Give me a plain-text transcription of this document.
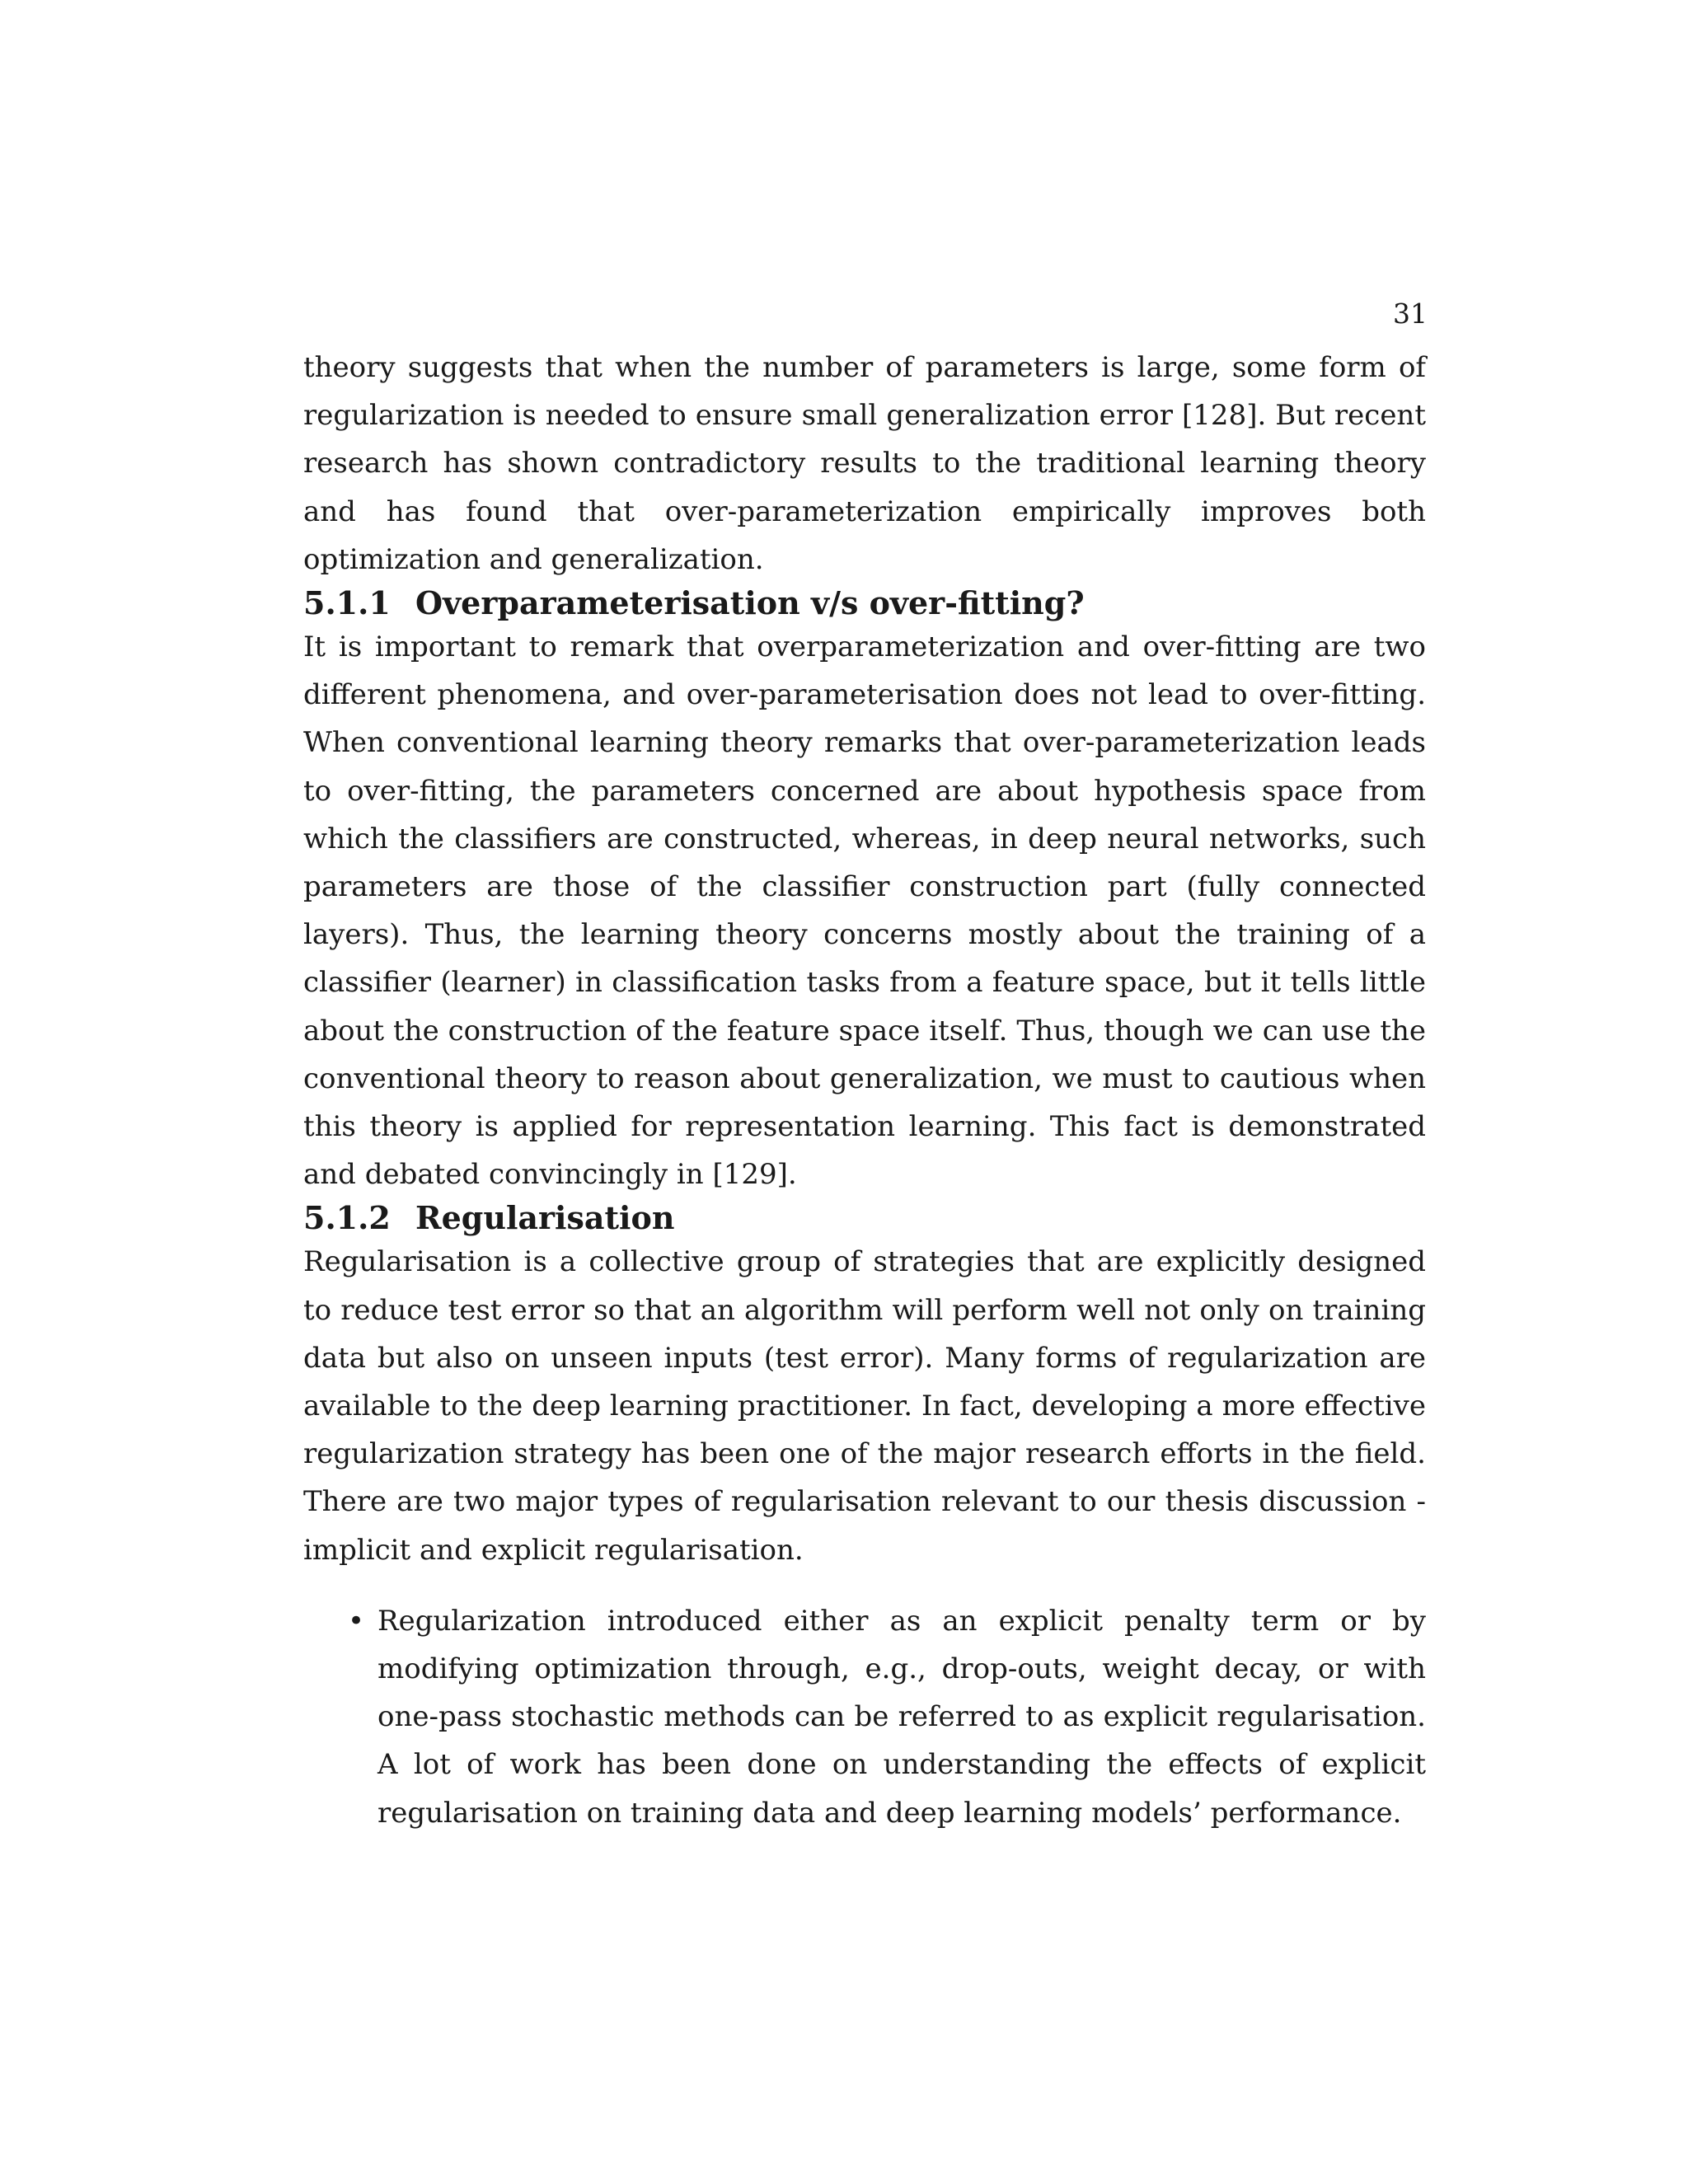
31

theory suggests that when the number of parameters is large, some form of regularization is needed to ensure small generalization error [128]. But recent research has shown contradictory results to the traditional learning theory and has found that over-parameterization empirically improves both optimization and generalization.

5.1.1 Overparameterisation v/s over-fitting?

It is important to remark that overparameterization and over-fitting are two different phenomena, and over-parameterisation does not lead to over-fitting. When conventional learning theory remarks that over-parameterization leads to over-fitting, the parameters concerned are about hypothesis space from which the classifiers are constructed, whereas, in deep neural networks, such parameters are those of the classifier construction part (fully connected layers). Thus, the learning theory concerns mostly about the training of a classifier (learner) in classification tasks from a feature space, but it tells little about the construction of the feature space itself. Thus, though we can use the conventional theory to reason about generalization, we must to cautious when this theory is applied for representation learning. This fact is demonstrated and debated convincingly in [129].

5.1.2 Regularisation

Regularisation is a collective group of strategies that are explicitly designed to reduce test error so that an algorithm will perform well not only on training data but also on unseen inputs (test error). Many forms of regularization are available to the deep learning practitioner. In fact, developing a more effective regularization strategy has been one of the major research efforts in the field. There are two major types of regularisation relevant to our thesis discussion - implicit and explicit regularisation.

• Regularization introduced either as an explicit penalty term or by modifying optimization through, e.g., drop-outs, weight decay, or with one-pass stochastic methods can be referred to as explicit regularisation. A lot of work has been done on understanding the effects of explicit regularisation on training data and deep learning models’ performance.
